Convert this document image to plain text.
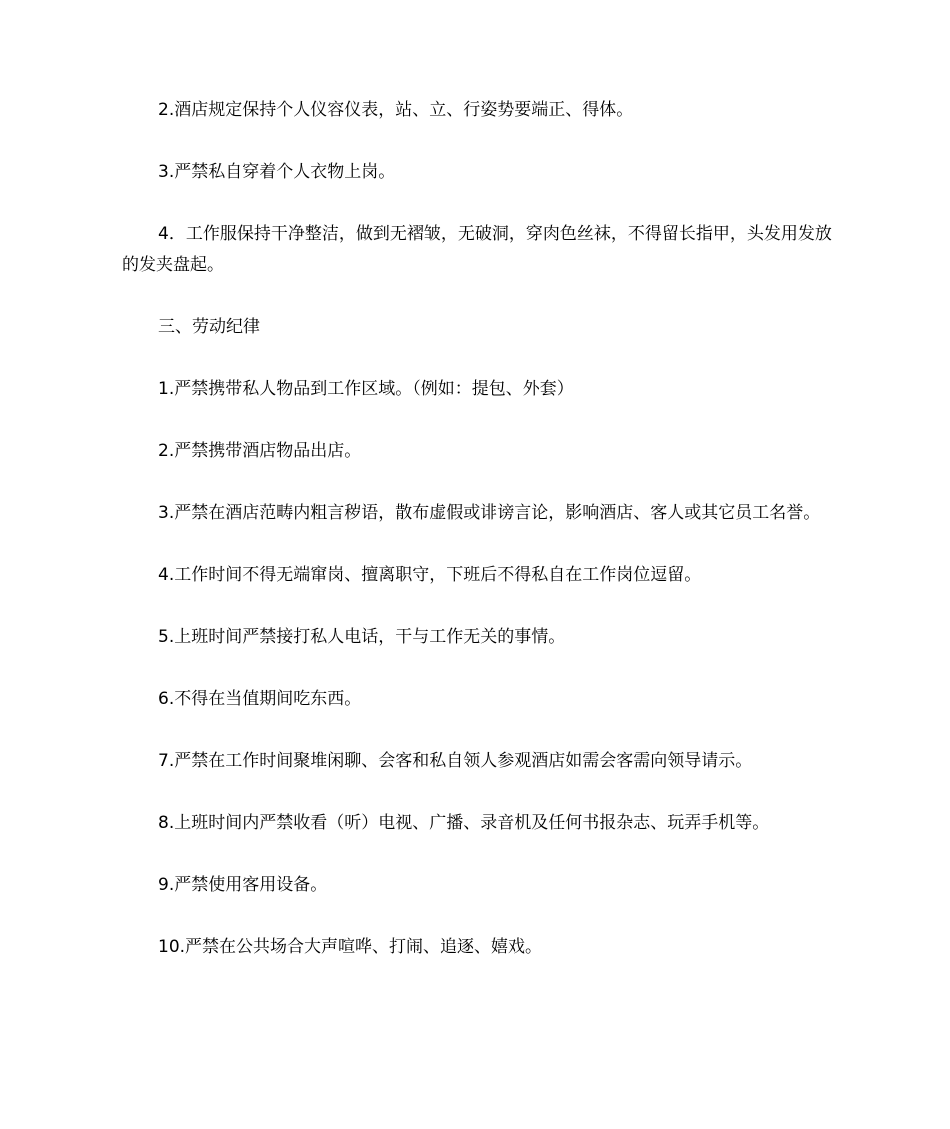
2.酒店规定保持个人仪容仪表，站、立、行姿势要端正、得体。

3.严禁私自穿着个人衣物上岗。

4．工作服保持干净整洁，做到无褶皱，无破洞，穿肉色丝袜，不得留长指甲，头发用发放的发夹盘起。

三、劳动纪律

1.严禁携带私人物品到工作区域。（例如：提包、外套）

2.严禁携带酒店物品出店。

3.严禁在酒店范畴内粗言秽语，散布虚假或诽谤言论，影响酒店、客人或其它员工名誉。

4.工作时间不得无端窜岗、擅离职守，下班后不得私自在工作岗位逗留。

5.上班时间严禁接打私人电话，干与工作无关的事情。

6.不得在当值期间吃东西。

7.严禁在工作时间聚堆闲聊、会客和私自领人参观酒店如需会客需向领导请示。

8.上班时间内严禁收看（听）电视、广播、录音机及任何书报杂志、玩弄手机等。

9.严禁使用客用设备。

10.严禁在公共场合大声喧哗、打闹、追逐、嬉戏。
